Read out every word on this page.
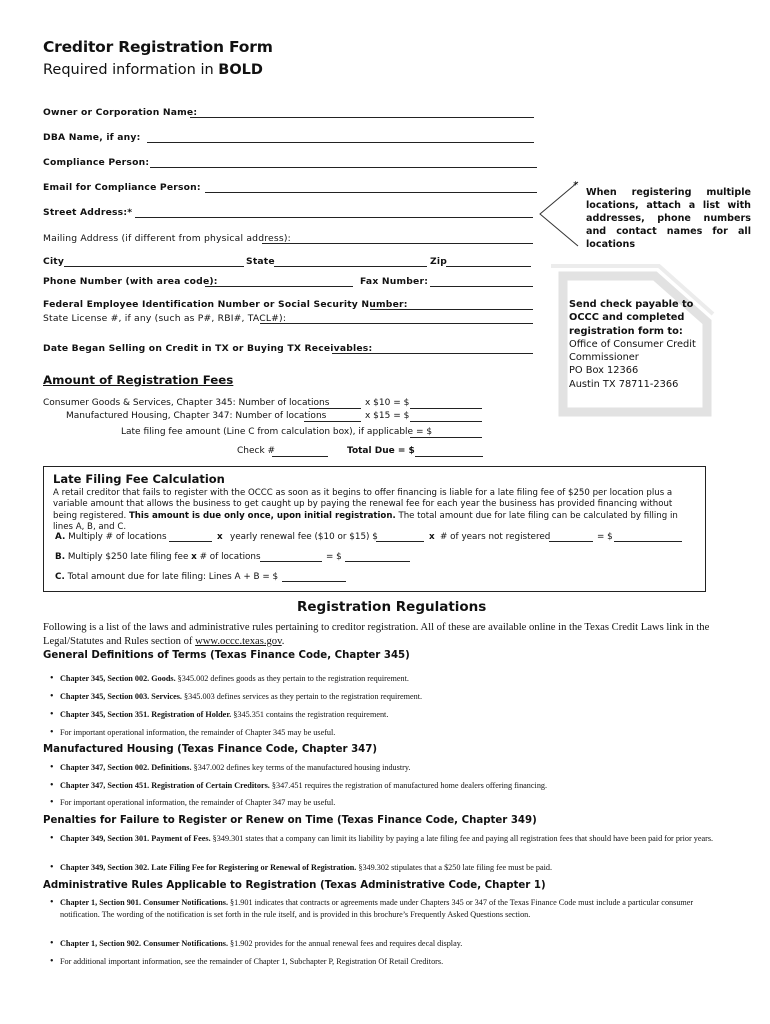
Creditor Registration Form
Required information in BOLD
Owner or Corporation Name:
DBA Name, if any:
Compliance Person:
Email for Compliance Person:
Street Address:*
Mailing Address (if different from physical address):
City	State	Zip
Phone Number (with area code):	Fax Number:
Federal Employee Identification Number or Social Security Number:
State License #, if any (such as P#, RBI#, TACL#):
Date Began Selling on Credit in TX or Buying TX Receivables:
*
When registering multiple locations, attach a list with addresses, phone numbers and contact names for all locations
Send check payable to OCCC and completed registration form to:
Office of Consumer Credit
Commissioner
PO Box 12366
Austin TX 78711-2366
Amount of Registration Fees
Consumer Goods & Services, Chapter 345: Number of locations	x $10 = $
Manufactured Housing, Chapter 347: Number of locations	x $15 = $
Late filing fee amount (Line C from calculation box), if applicable = $
Check #	Total Due = $
Late Filing Fee Calculation
A retail creditor that fails to register with the OCCC as soon as it begins to offer financing is liable for a late filing fee of $250 per location plus a variable amount that allows the business to get caught up by paying the renewal fee for each year the business has provided financing without being registered. This amount is due only once, upon initial registration. The total amount due for late filing can be calculated by filling in lines A, B, and C.
A. Multiply # of locations	x yearly renewal fee ($10 or $15) $	x # of years not registered	= $
B. Multiply $250 late filing fee x # of locations	= $
C. Total amount due for late filing: Lines A + B = $
Registration Regulations
Following is a list of the laws and administrative rules pertaining to creditor registration. All of these are available online in the Texas Credit Laws link in the Legal/Statutes and Rules section of www.occc.texas.gov.
General Definitions of Terms (Texas Finance Code, Chapter 345)
• Chapter 345, Section 002. Goods. §345.002 defines goods as they pertain to the registration requirement.
• Chapter 345, Section 003. Services. §345.003 defines services as they pertain to the registration requirement.
• Chapter 345, Section 351. Registration of Holder. §345.351 contains the registration requirement.
• For important operational information, the remainder of Chapter 345 may be useful.
Manufactured Housing (Texas Finance Code, Chapter 347)
• Chapter 347, Section 002. Definitions. §347.002 defines key terms of the manufactured housing industry.
• Chapter 347, Section 451. Registration of Certain Creditors. §347.451 requires the registration of manufactured home dealers offering financing.
• For important operational information, the remainder of Chapter 347 may be useful.
Penalties for Failure to Register or Renew on Time (Texas Finance Code, Chapter 349)
• Chapter 349, Section 301. Payment of Fees. §349.301 states that a company can limit its liability by paying a late filing fee and paying all registration fees that should have been paid for prior years.
• Chapter 349, Section 302. Late Filing Fee for Registering or Renewal of Registration. §349.302 stipulates that a $250 late filing fee must be paid.
Administrative Rules Applicable to Registration (Texas Administrative Code, Chapter 1)
• Chapter 1, Section 901. Consumer Notifications. §1.901 indicates that contracts or agreements made under Chapters 345 or 347 of the Texas Finance Code must include a particular consumer notification. The wording of the notification is set forth in the rule itself, and is provided in this brochure’s Frequently Asked Questions section.
• Chapter 1, Section 902. Consumer Notifications. §1.902 provides for the annual renewal fees and requires decal display.
• For additional important information, see the remainder of Chapter 1, Subchapter P, Registration Of Retail Creditors.
